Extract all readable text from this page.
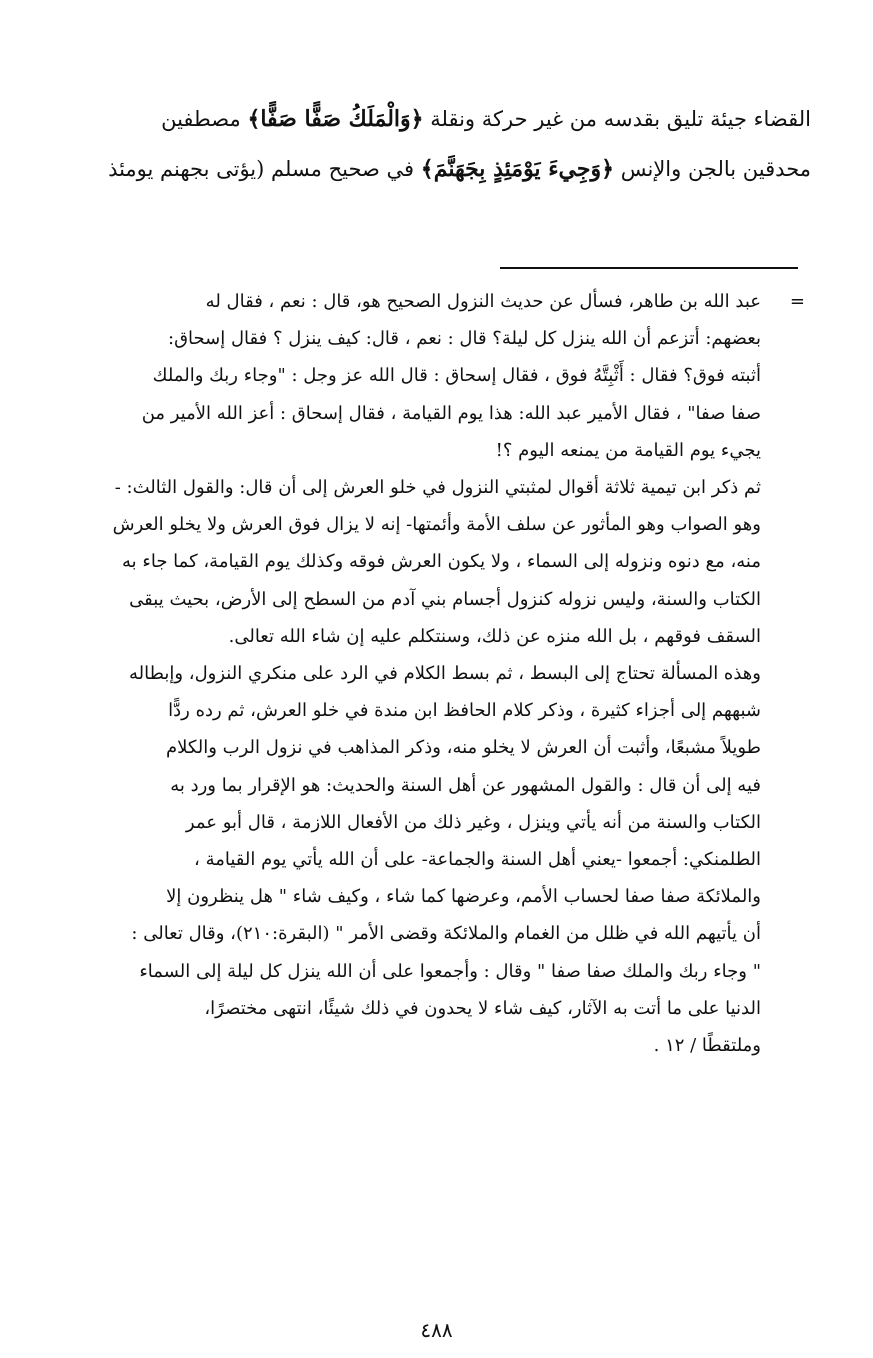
القضاء جيئة تليق بقدسه من غير حركة ونقلة ﴿وَالْمَلَكُ صَفًّا صَفًّا﴾ مصطفين
محدقين بالجن والإنس ﴿وَجِيءَ يَوْمَئِذٍ بِجَهَنَّمَ﴾ في صحيح مسلم (يؤتى بجهنم يومئذ
=
عبد الله بن طاهر، فسأل عن حديث النزول الصحيح هو، قال : نعم ، فقال له
بعضهم: أتزعم أن الله ينزل كل ليلة؟ قال : نعم ، قال: كيف ينزل ؟ فقال إسحاق:
أثبته فوق؟ فقال : أَثْبِتَّهُ فوق ، فقال إسحاق : قال الله عز وجل : "وجاء ربك والملك
صفا صفا" ، فقال الأمير عبد الله: هذا يوم القيامة ، فقال إسحاق : أعز الله الأمير من
يجيء يوم القيامة من يمنعه اليوم ؟!
ثم ذكر ابن تيمية ثلاثة أقوال لمثبتي النزول في خلو العرش إلى أن قال: والقول الثالث: -
وهو الصواب وهو المأثور عن سلف الأمة وأئمتها- إنه لا يزال فوق العرش ولا يخلو العرش
منه، مع دنوه ونزوله إلى السماء ، ولا يكون العرش فوقه وكذلك يوم القيامة، كما جاء به
الكتاب والسنة، وليس نزوله كنزول أجسام بني آدم من السطح إلى الأرض، بحيث يبقى
السقف فوقهم ، بل الله منزه عن ذلك، وسنتكلم عليه إن شاء الله تعالى.
وهذه المسألة تحتاج إلى البسط ، ثم بسط الكلام في الرد على منكري النزول، وإبطاله
شبههم إلى أجزاء كثيرة ، وذكر كلام الحافظ ابن مندة في خلو العرش، ثم رده ردًّا
طويلاً مشبعًا، وأثبت أن العرش لا يخلو منه، وذكر المذاهب في نزول الرب والكلام
فيه إلى أن قال : والقول المشهور عن أهل السنة والحديث: هو الإقرار بما ورد به
الكتاب والسنة من أنه يأتي وينزل ، وغير ذلك من الأفعال اللازمة ، قال أبو عمر
الطلمنكي: أجمعوا -يعني أهل السنة والجماعة- على أن الله يأتي يوم القيامة ،
والملائكة صفا صفا لحساب الأمم، وعرضها كما شاء ، وكيف شاء " هل ينظرون إلا
أن يأتيهم الله في ظلل من الغمام والملائكة وقضى الأمر " (البقرة:٢١٠)، وقال تعالى :
" وجاء ربك والملك صفا صفا " وقال : وأجمعوا على أن الله ينزل كل ليلة إلى السماء
الدنيا على ما أتت به الآثار، كيف شاء لا يحدون في ذلك شيئًا، انتهى مختصرًا،
وملتقطًا / ١٢ .
٤٨٨
